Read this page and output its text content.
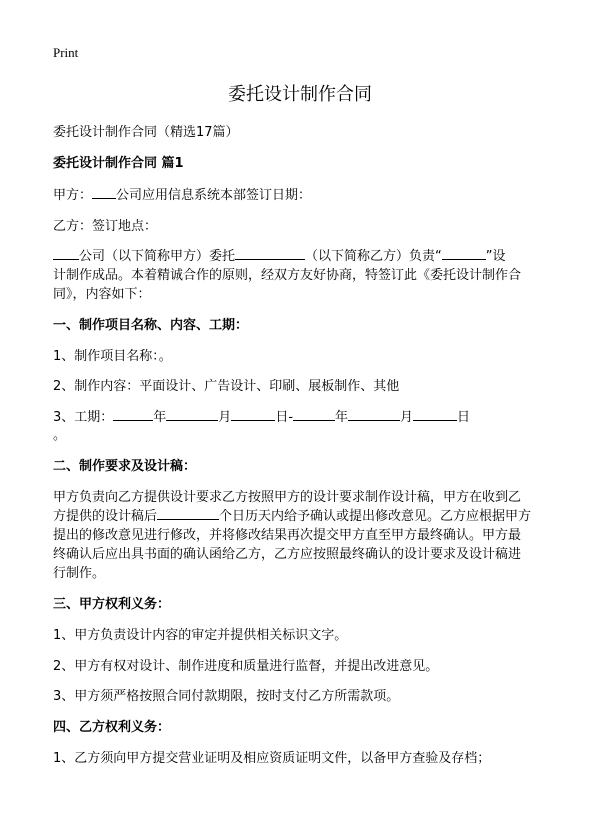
Print
委托设计制作合同
委托设计制作合同（精选17篇）
委托设计制作合同 篇1
甲方： 公司应用信息系统本部签订日期：
乙方：签订地点：
公司（以下简称甲方）委托	（以下简称乙方）负责“	”设
计制作成品。本着精诚合作的原则，经双方友好协商，特签订此《委托设计制作合
同》，内容如下：
一、制作项目名称、内容、工期：
1、制作项目名称：。
2、制作内容：平面设计、广告设计、印刷、展板制作、其他
3、工期：	年	月	日-	年	月	日
。
二、制作要求及设计稿：
甲方负责向乙方提供设计要求乙方按照甲方的设计要求制作设计稿，甲方在收到乙
方提供的设计稿后	个日历天内给予确认或提出修改意见。乙方应根据甲方
提出的修改意见进行修改，并将修改结果再次提交甲方直至甲方最终确认。甲方最
终确认后应出具书面的确认函给乙方，乙方应按照最终确认的设计要求及设计稿进
行制作。
三、甲方权利义务：
1、甲方负责设计内容的审定并提供相关标识文字。
2、甲方有权对设计、制作进度和质量进行监督，并提出改进意见。
3、甲方须严格按照合同付款期限，按时支付乙方所需款项。
四、乙方权利义务：
1、乙方须向甲方提交营业证明及相应资质证明文件，以备甲方查验及存档；
